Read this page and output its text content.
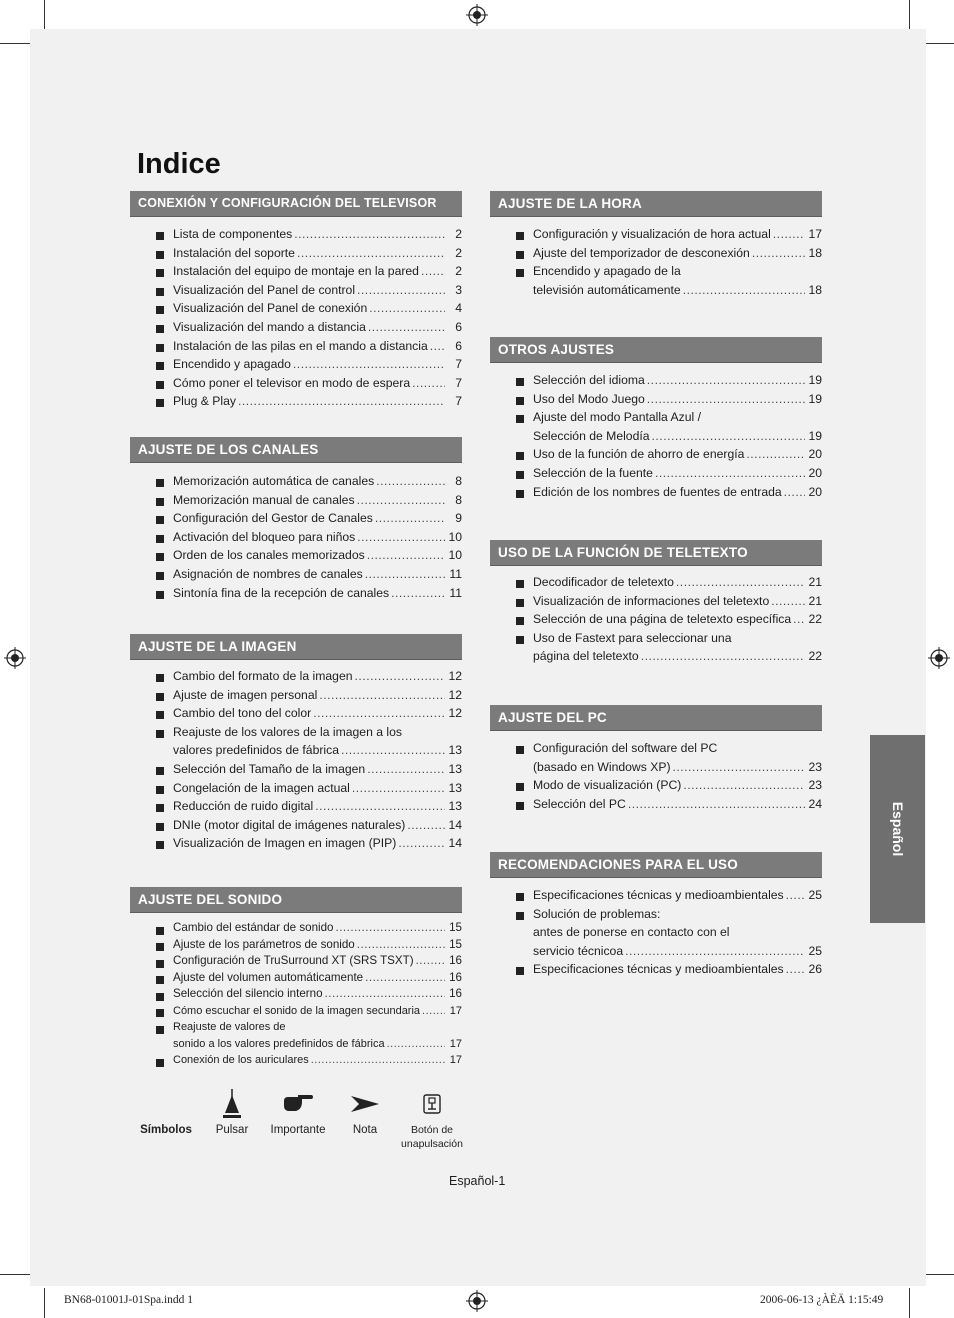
Indice
CONEXIÓN Y CONFIGURACIÓN DEL TELEVISOR
Lista de componentes .....	2
Instalación del soporte .....	2
Instalación del equipo de montaje en la pared .....	2
Visualización del Panel de control .....	3
Visualización del Panel de conexión .....	4
Visualización del mando a distancia .....	6
Instalación de las pilas en el mando a distancia .....	6
Encendido y apagado .....	7
Cómo poner el televisor en modo de espera .....	7
Plug & Play .....	7
AJUSTE DE LOS CANALES
Memorización automática de canales .....	8
Memorización manual de canales .....	8
Configuración del Gestor de Canales .....	9
Activación del bloqueo para niños .....	10
Orden de los canales memorizados .....	10
Asignación de nombres de canales .....	11
Sintonía fina de la recepción de canales .....	11
AJUSTE DE LA IMAGEN
Cambio del formato de la imagen .....	12
Ajuste de imagen personal .....	12
Cambio del tono del color .....	12
Reajuste de los valores de la imagen a los
valores predefinidos de fábrica .....	13
Selección del Tamaño de la imagen .....	13
Congelación de la imagen actual .....	13
Reducción de ruido digital .....	13
DNIe (motor digital de imágenes naturales) .....	14
Visualización de Imagen en imagen (PIP) .....	14
AJUSTE DEL SONIDO
Cambio del estándar de sonido .....	15
Ajuste de los parámetros de sonido .....	15
Configuración de TruSurround XT (SRS TSXT) .....	16
Ajuste del volumen automáticamente .....	16
Selección del silencio interno .....	16
Cómo escuchar el sonido de la imagen secundaria .....	17
Reajuste de valores de
sonido a los valores predefinidos de fábrica .....	17
Conexión de los auriculares .....	17
AJUSTE DE LA HORA
Configuración y visualización de hora actual .....	17
Ajuste del temporizador de desconexión .....	18
Encendido y apagado de la
televisión automáticamente .....	18
OTROS AJUSTES
Selección del idioma .....	19
Uso del Modo Juego .....	19
Ajuste del modo Pantalla Azul /
Selección de Melodía .....	19
Uso de la función de ahorro de energía .....	20
Selección de la fuente .....	20
Edición de los nombres de fuentes de entrada ..... 20
USO DE LA FUNCIÓN DE TELETEXTO
Decodificador de teletexto .....	21
Visualización de informaciones del teletexto .....	21
Selección de una página de teletexto específica ..... 22
Uso de Fastext para seleccionar una
página del teletexto .....	22
AJUSTE DEL PC
Configuración del software del PC
(basado en Windows XP) .....	23
Modo de visualización (PC) .....	23
Selección del PC .....	24
RECOMENDACIONES PARA EL USO
Especificaciones técnicas y medioambientales ..... 25
Solución de problemas:
antes de ponerse en contacto con el
servicio técnicoa .....	25
Especificaciones técnicas y medioambientales ..... 26
Símbolos	Pulsar	Importante	Nota	Botón de
unapulsación
Español
Español-1
BN68-01001J-01Spa.indd 1	2006-06-13 ¿ÀÈÄ 1:15:49
